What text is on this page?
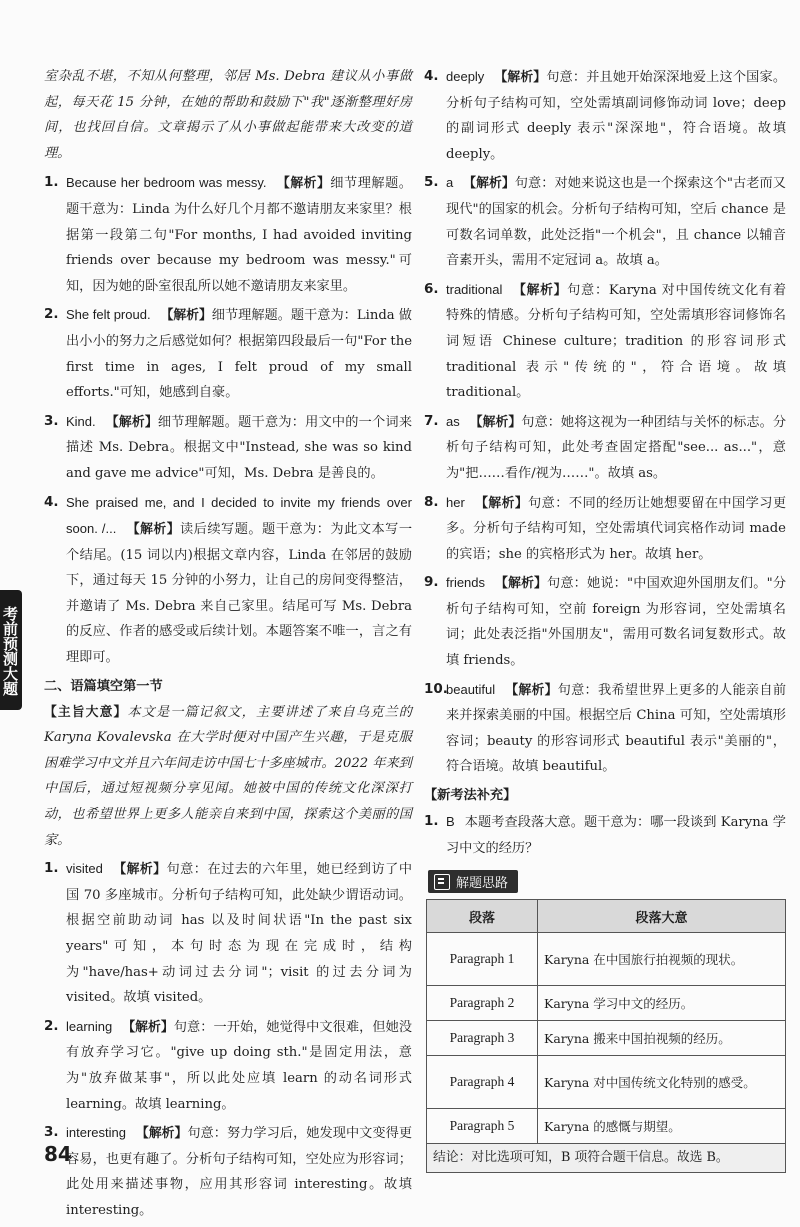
考前预测大题

室杂乱不堪，不知从何整理，邻居 Ms. Debra 建议从小事做起，每天花 15 分钟，在她的帮助和鼓励下"我"逐渐整理好房间，也找回自信。文章揭示了从小事做起能带来大改变的道理。

1. Because her bedroom was messy. 【解析】细节理解题。题干意为：Linda 为什么好几个月都不邀请朋友来家里？根据第一段第二句"For months, I had avoided inviting friends over because my bedroom was messy."可知，因为她的卧室很乱所以她不邀请朋友来家里。

2. She felt proud. 【解析】细节理解题。题干意为：Linda 做出小小的努力之后感觉如何？根据第四段最后一句"For the first time in ages, I felt proud of my small efforts."可知，她感到自豪。

3. Kind. 【解析】细节理解题。题干意为：用文中的一个词来描述 Ms. Debra。根据文中"Instead, she was so kind and gave me advice"可知，Ms. Debra 是善良的。

4. She praised me, and I decided to invite my friends over soon. /... 【解析】读后续写题。题干意为：为此文本写一个结尾。(15 词以内)根据文章内容，Linda 在邻居的鼓励下，通过每天 15 分钟的小努力，让自己的房间变得整洁，并邀请了 Ms. Debra 来自己家里。结尾可写 Ms. Debra 的反应、作者的感受或后续计划。本题答案不唯一，言之有理即可。

二、语篇填空第一节

【主旨大意】本文是一篇记叙文，主要讲述了来自乌克兰的 Karyna Kovalevska 在大学时便对中国产生兴趣，于是克服困难学习中文并且六年间走访中国七十多座城市。2022 年来到中国后，通过短视频分享见闻。她被中国的传统文化深深打动，也希望世界上更多人能亲自来到中国，探索这个美丽的国家。

1. visited 【解析】句意：在过去的六年里，她已经到访了中国 70 多座城市。分析句子结构可知，此处缺少谓语动词。根据空前助动词 has 以及时间状语"In the past six years"可知，本句时态为现在完成时，结构为"have/has+动词过去分词"；visit 的过去分词为 visited。故填 visited。

2. learning 【解析】句意：一开始，她觉得中文很难，但她没有放弃学习它。"give up doing sth."是固定用法，意为"放弃做某事"，所以此处应填 learn 的动名词形式 learning。故填 learning。

3. interesting 【解析】句意：努力学习后，她发现中文变得更容易，也更有趣了。分析句子结构可知，空处应为形容词；此处用来描述事物，应用其形容词 interesting。故填 interesting。

4. deeply 【解析】句意：并且她开始深深地爱上这个国家。分析句子结构可知，空处需填副词修饰动词 love；deep 的副词形式 deeply 表示"深深地"，符合语境。故填 deeply。

5. a 【解析】句意：对她来说这也是一个探索这个"古老而又现代"的国家的机会。分析句子结构可知，空后 chance 是可数名词单数，此处泛指"一个机会"，且 chance 以辅音音素开头，需用不定冠词 a。故填 a。

6. traditional 【解析】句意：Karyna 对中国传统文化有着特殊的情感。分析句子结构可知，空处需填形容词修饰名词短语 Chinese culture；tradition 的形容词形式 traditional 表示"传统的"，符合语境。故填 traditional。

7. as 【解析】句意：她将这视为一种团结与关怀的标志。分析句子结构可知，此处考查固定搭配"see... as..."，意为"把……看作/视为……"。故填 as。

8. her 【解析】句意：不同的经历让她想要留在中国学习更多。分析句子结构可知，空处需填代词宾格作动词 made 的宾语；she 的宾格形式为 her。故填 her。

9. friends 【解析】句意：她说："中国欢迎外国朋友们。"分析句子结构可知，空前 foreign 为形容词，空处需填名词；此处表泛指"外国朋友"，需用可数名词复数形式。故填 friends。

10.

beautiful 【解析】句意：我希望世界上更多的人能亲自前来并探索美丽的中国。根据空后 China 可知，空处需填形容词；beauty 的形容词形式 beautiful 表示"美丽的"，符合语境。故填 beautiful。

【新考法补充】

1. B 本题考查段落大意。题干意为：哪一段谈到 Karyna 学习中文的经历？

解题思路
段落	段落大意
Paragraph 1	Karyna 在中国旅行拍视频的现状。
Paragraph 2	Karyna 学习中文的经历。
Paragraph 3	Karyna 搬来中国拍视频的经历。
Paragraph 4	Karyna 对中国传统文化特别的感受。
Paragraph 5	Karyna 的感慨与期望。
结论：对比选项可知，B 项符合题干信息。故选 B。
84
